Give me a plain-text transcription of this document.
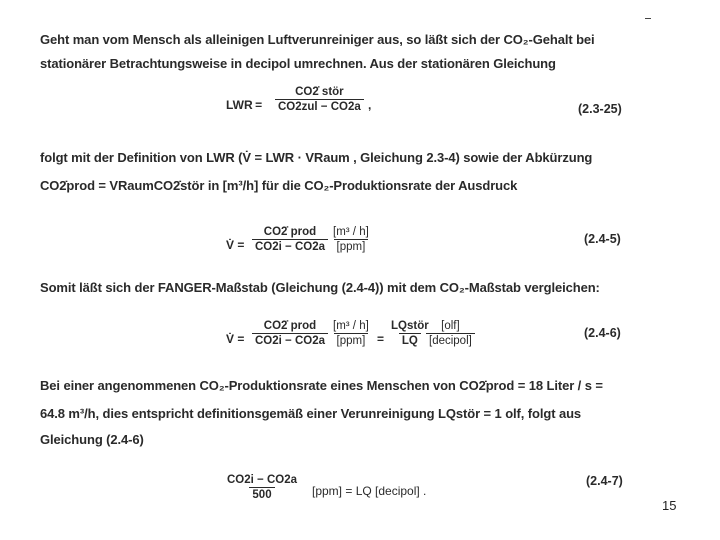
Geht man vom Mensch als alleinigen Luftverunreiniger aus, so läßt sich der CO₂-Gehalt bei
stationärer Betrachtungsweise in decipol umrechnen. Aus der stationären Gleichung
LWR = 
CO2̇ stör
CO2zul − CO2a ,	(2.3-25)
folgt mit der Definition von LWR (V̇ = LWR · VRaum , Gleichung 2.3-4) sowie der Abkürzung
CO2̇prod = VRaumCO2̇stör in [m³/h] für die CO₂-Produktionsrate der Ausdruck
V̇ =
CO2̇ prod
CO2i − CO2a
[m³ / h]
[ppm]
(2.4-5)
Somit läßt sich der FANGER-Maßstab (Gleichung (2.4-4)) mit dem CO₂-Maßstab vergleichen:
V̇ =
CO2̇ prod
CO2i − CO2a
[m³ / h]
[ppm] =
LQstör
LQ
[olf]
[decipol]
(2.4-6)
Bei einer angenommenen CO₂-Produktionsrate eines Menschen von CO2̇prod = 18 Liter / s =
64.8 m³/h, dies entspricht definitionsgemäß einer Verunreinigung LQstör = 1 olf, folgt aus
Gleichung (2.4-6)
$\frac{CO2i - CO2a}{500} [ppm]$ = LQ [decipol] .
(2.4-7)
15
